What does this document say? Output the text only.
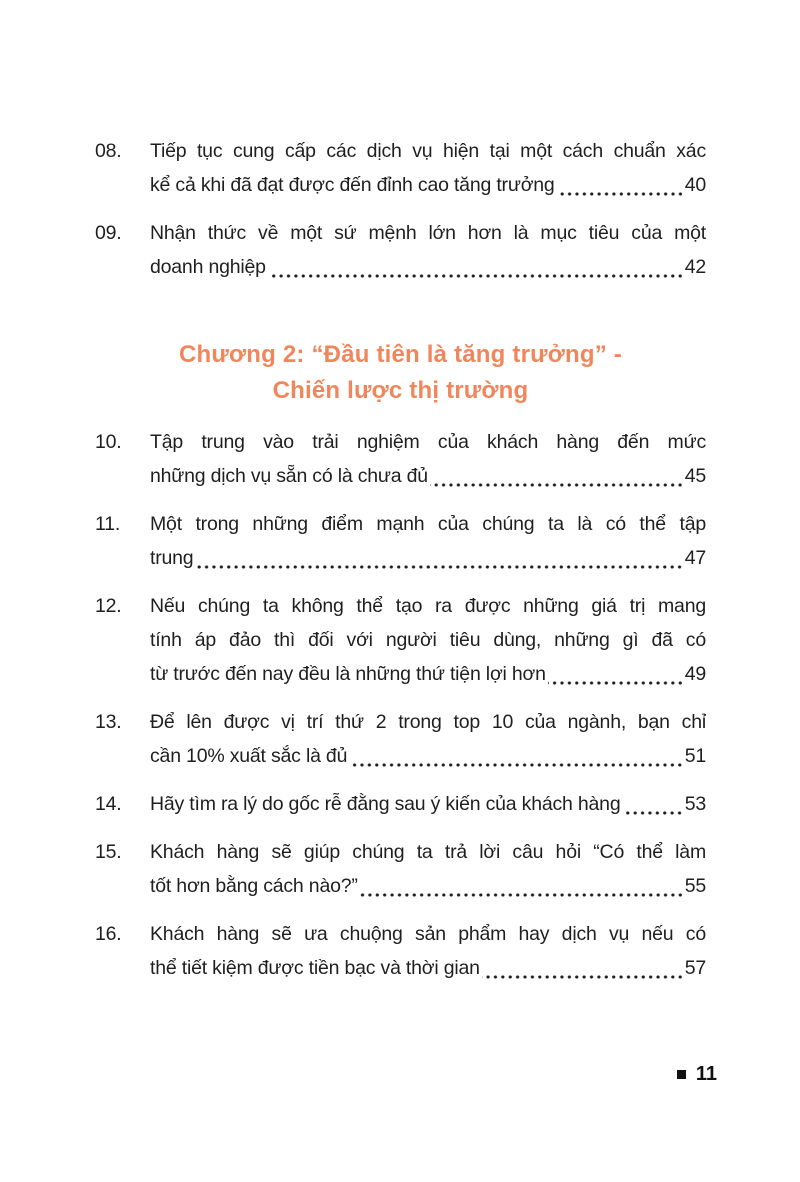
08.	Tiếp tục cung cấp các dịch vụ hiện tại một cách chuẩn xác
kể cả khi đã đạt được đến đỉnh cao tăng trưởng	40
09.	Nhận thức về một sứ mệnh lớn hơn là mục tiêu của một
doanh nghiệp	42
Chương 2: “Đầu tiên là tăng trưởng” -
Chiến lược thị trường
10.	Tập trung vào trải nghiệm của khách hàng đến mức
những dịch vụ sẵn có là chưa đủ	45
11.	Một trong những điểm mạnh của chúng ta là có thể tập
trung	47
12.	Nếu chúng ta không thể tạo ra được những giá trị mang
tính áp đảo thì đối với người tiêu dùng, những gì đã có
từ trước đến nay đều là những thứ tiện lợi hơn	49
13.	Để lên được vị trí thứ 2 trong top 10 của ngành, bạn chỉ
cần 10% xuất sắc là đủ	51
14.	Hãy tìm ra lý do gốc rễ đằng sau ý kiến của khách hàng	53
15.	Khách hàng sẽ giúp chúng ta trả lời câu hỏi “Có thể làm
tốt hơn bằng cách nào?”	55
16.	Khách hàng sẽ ưa chuộng sản phẩm hay dịch vụ nếu có
thể tiết kiệm được tiền bạc và thời gian	57
11
